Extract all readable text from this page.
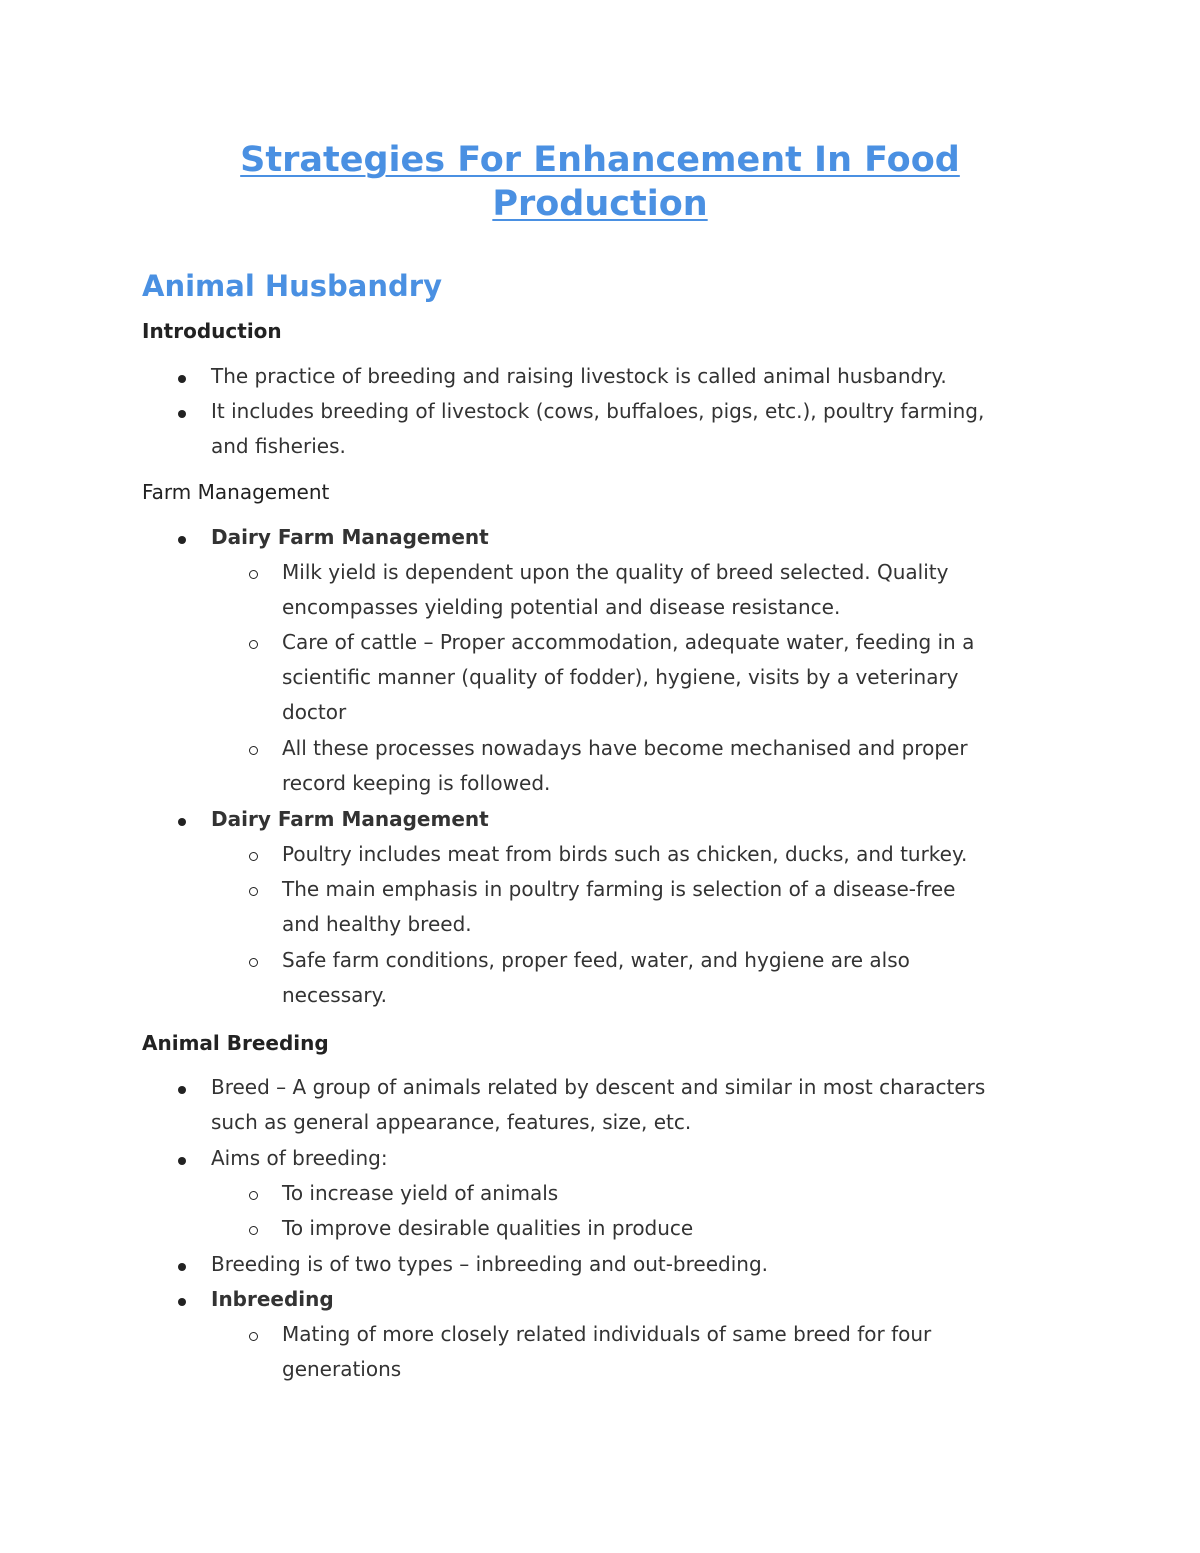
Strategies For Enhancement In Food Production
Animal Husbandry
Introduction
The practice of breeding and raising livestock is called animal husbandry.
It includes breeding of livestock (cows, buffaloes, pigs, etc.), poultry farming,
and fisheries.
Farm Management
Dairy Farm Management
Milk yield is dependent upon the quality of breed selected. Quality
encompasses yielding potential and disease resistance.
Care of cattle – Proper accommodation, adequate water, feeding in a
scientific manner (quality of fodder), hygiene, visits by a veterinary
doctor
All these processes nowadays have become mechanised and proper
record keeping is followed.
Dairy Farm Management
Poultry includes meat from birds such as chicken, ducks, and turkey.
The main emphasis in poultry farming is selection of a disease-free
and healthy breed.
Safe farm conditions, proper feed, water, and hygiene are also
necessary.
Animal Breeding
Breed – A group of animals related by descent and similar in most characters
such as general appearance, features, size, etc.
Aims of breeding:
To increase yield of animals
To improve desirable qualities in produce
Breeding is of two types – inbreeding and out-breeding.
Inbreeding
Mating of more closely related individuals of same breed for four
generations
